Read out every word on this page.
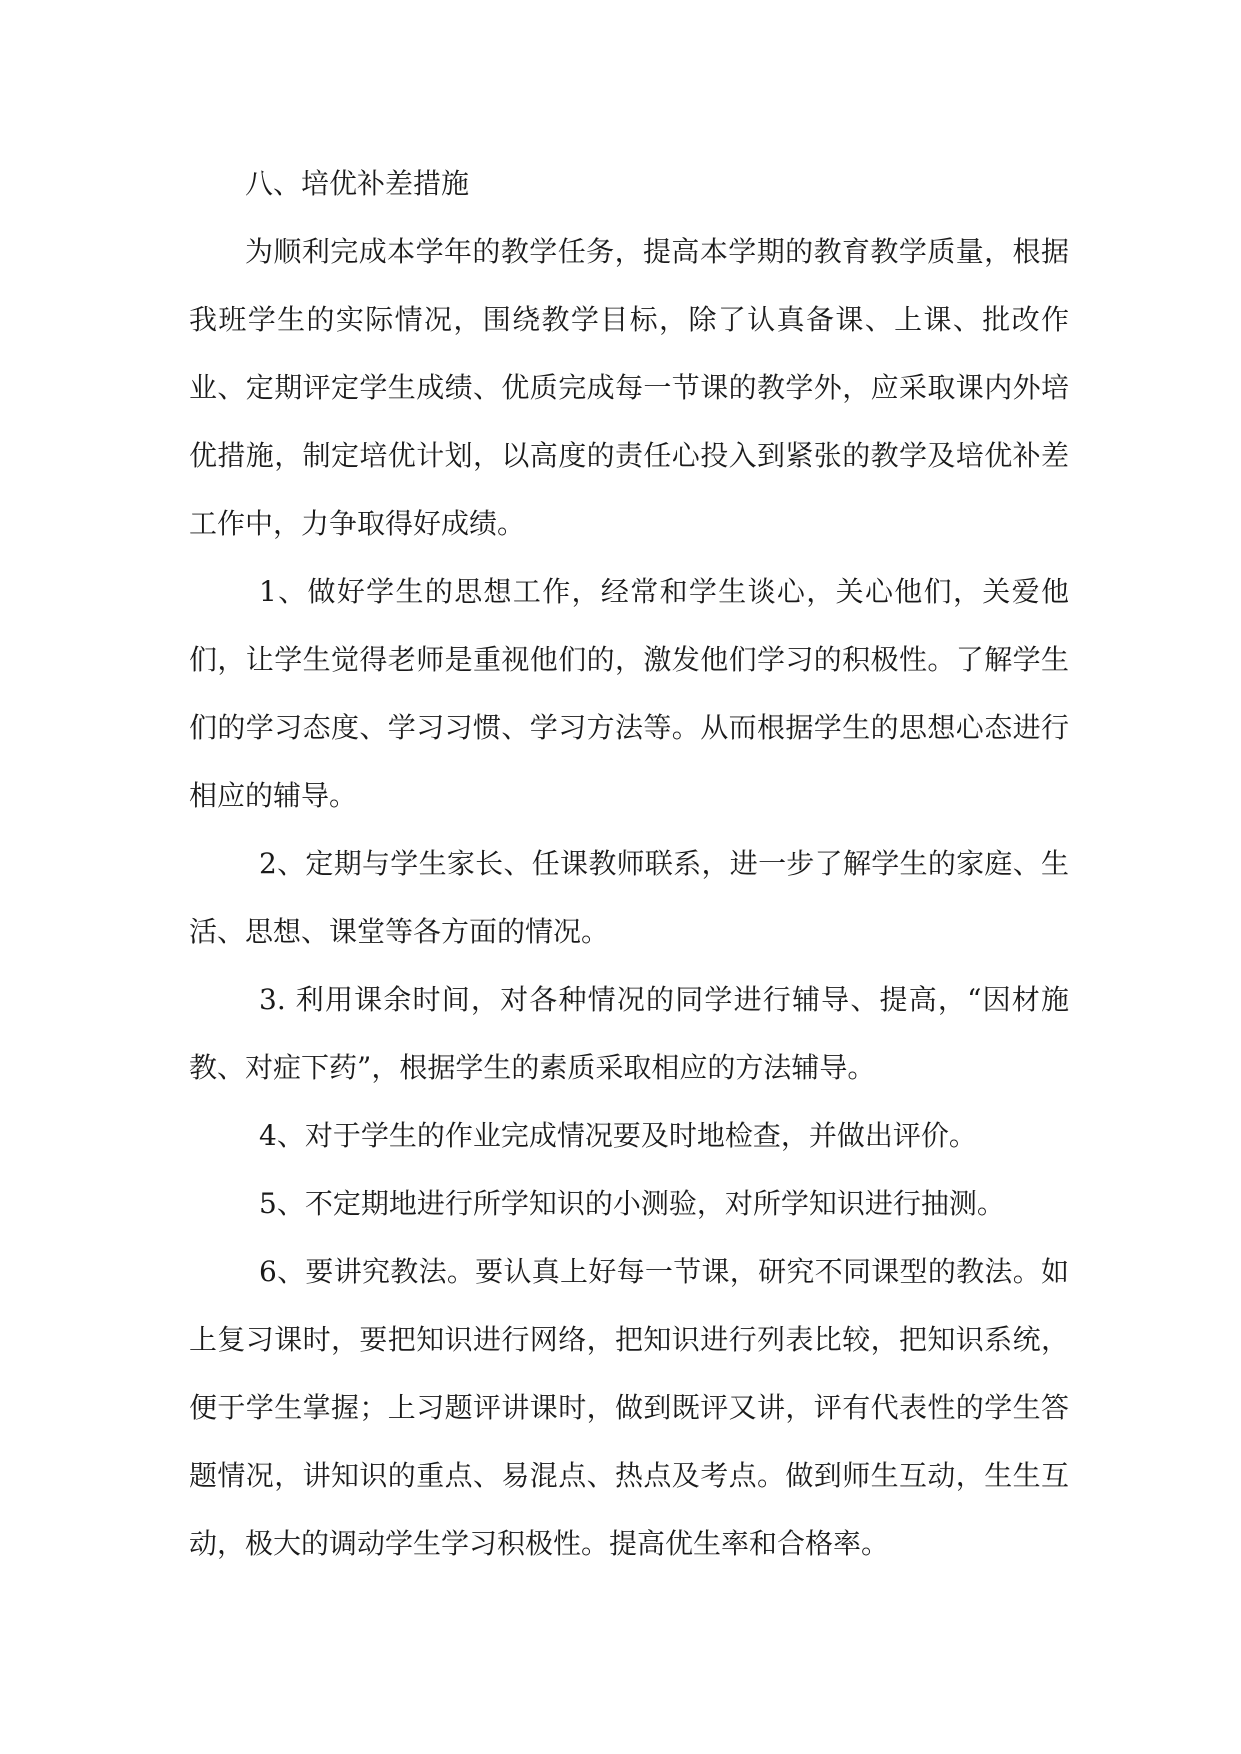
八、培优补差措施

为顺利完成本学年的教学任务，提高本学期的教育教学质量，根据我班学生的实际情况，围绕教学目标，除了认真备课、上课、批改作业、定期评定学生成绩、优质完成每一节课的教学外，应采取课内外培优措施，制定培优计划，以高度的责任心投入到紧张的教学及培优补差工作中，力争取得好成绩。

1、做好学生的思想工作，经常和学生谈心，关心他们，关爱他们，让学生觉得老师是重视他们的，激发他们学习的积极性。了解学生们的学习态度、学习习惯、学习方法等。从而根据学生的思想心态进行相应的辅导。

2、定期与学生家长、任课教师联系，进一步了解学生的家庭、生活、思想、课堂等各方面的情况。

3. 利用课余时间，对各种情况的同学进行辅导、提高，“因材施教、对症下药”，根据学生的素质采取相应的方法辅导。

4、对于学生的作业完成情况要及时地检查，并做出评价。

5、不定期地进行所学知识的小测验，对所学知识进行抽测。

6、要讲究教法。要认真上好每一节课，研究不同课型的教法。如上复习课时，要把知识进行网络，把知识进行列表比较，把知识系统，便于学生掌握；上习题评讲课时，做到既评又讲，评有代表性的学生答题情况，讲知识的重点、易混点、热点及考点。做到师生互动，生生互动，极大的调动学生学习积极性。提高优生率和合格率。
